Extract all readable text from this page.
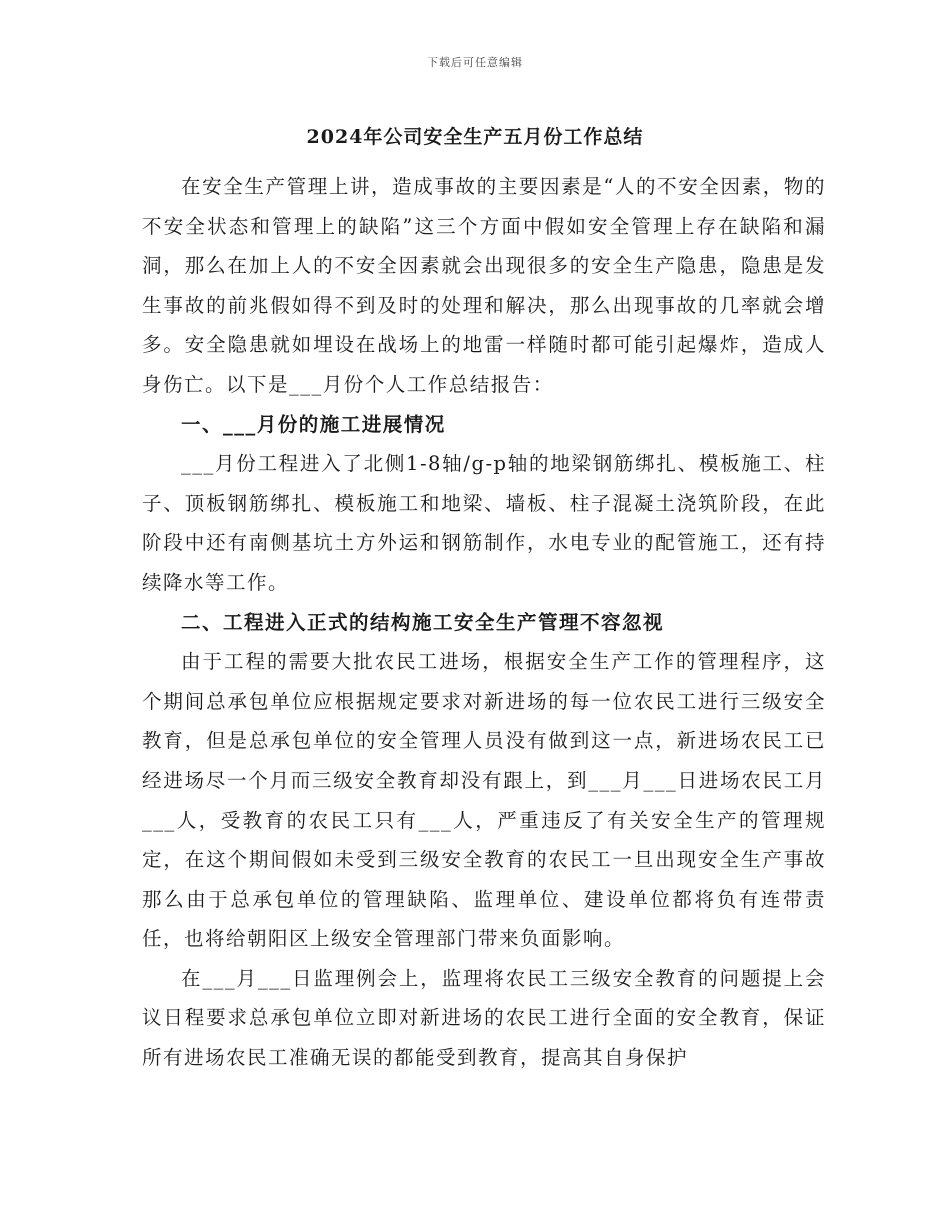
下载后可任意编辑
2024年公司安全生产五月份工作总结

在安全生产管理上讲，造成事故的主要因素是“人的不安全因素，物的不安全状态和管理上的缺陷”这三个方面中假如安全管理上存在缺陷和漏洞，那么在加上人的不安全因素就会出现很多的安全生产隐患，隐患是发生事故的前兆假如得不到及时的处理和解决，那么出现事故的几率就会增多。安全隐患就如埋设在战场上的地雷一样随时都可能引起爆炸，造成人身伤亡。以下是___月份个人工作总结报告：

一、___月份的施工进展情况

___月份工程进入了北侧1-8轴/g-p轴的地梁钢筋绑扎、模板施工、柱子、顶板钢筋绑扎、模板施工和地梁、墙板、柱子混凝土浇筑阶段，在此阶段中还有南侧基坑土方外运和钢筋制作，水电专业的配管施工，还有持续降水等工作。

二、工程进入正式的结构施工安全生产管理不容忽视

由于工程的需要大批农民工进场，根据安全生产工作的管理程序，这个期间总承包单位应根据规定要求对新进场的每一位农民工进行三级安全教育，但是总承包单位的安全管理人员没有做到这一点，新进场农民工已经进场尽一个月而三级安全教育却没有跟上，到___月___日进场农民工月___人，受教育的农民工只有___人，严重违反了有关安全生产的管理规定，在这个期间假如未受到三级安全教育的农民工一旦出现安全生产事故那么由于总承包单位的管理缺陷、监理单位、建设单位都将负有连带责任，也将给朝阳区上级安全管理部门带来负面影响。

在___月___日监理例会上，监理将农民工三级安全教育的问题提上会议日程要求总承包单位立即对新进场的农民工进行全面的安全教育，保证所有进场农民工准确无误的都能受到教育，提高其自身保护
